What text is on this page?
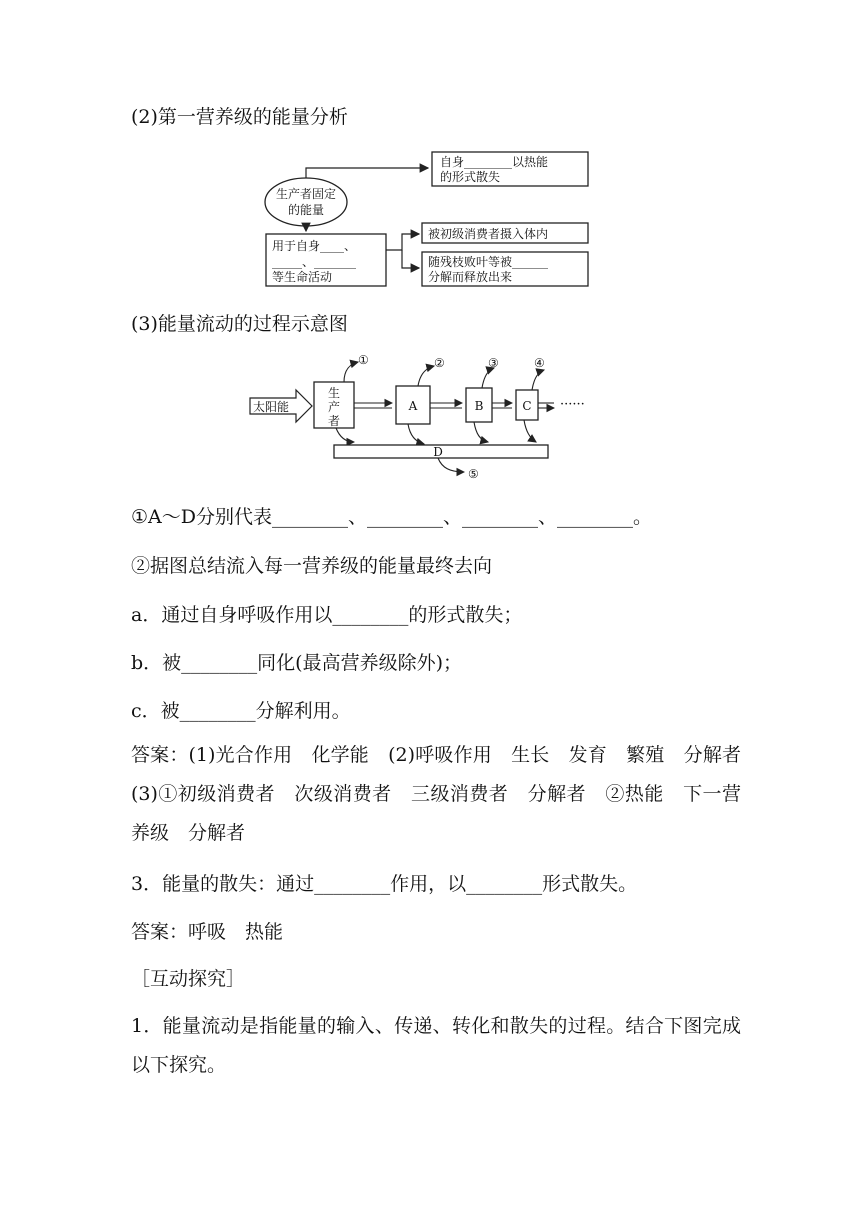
(2)第一营养级的能量分析
生产者固定
的能量
自身________以热能
的形式散失
用于自身____、
_____、_______
等生命活动
被初级消费者摄入体内
随残枝败叶等被______
分解而释放出来
(3)能量流动的过程示意图
太阳能
生
产
者
A	B	C ······
①	②	③	④
D
⑤
①A～D分别代表________、________、________、________。
②据图总结流入每一营养级的能量最终去向
a．通过自身呼吸作用以________的形式散失；
b．被________同化(最高营养级除外)；
c．被________分解利用。
答案：(1)光合作用　化学能　(2)呼吸作用　生长　发育　繁殖　分解者　(3)①初级消费者　次级消费者　三级消费者　分解者　②热能　下一营养级　分解者
3．能量的散失：通过________作用，以________形式散失。
答案：呼吸　热能
［互动探究］
1．能量流动是指能量的输入、传递、转化和散失的过程。结合下图完成以下探究。
